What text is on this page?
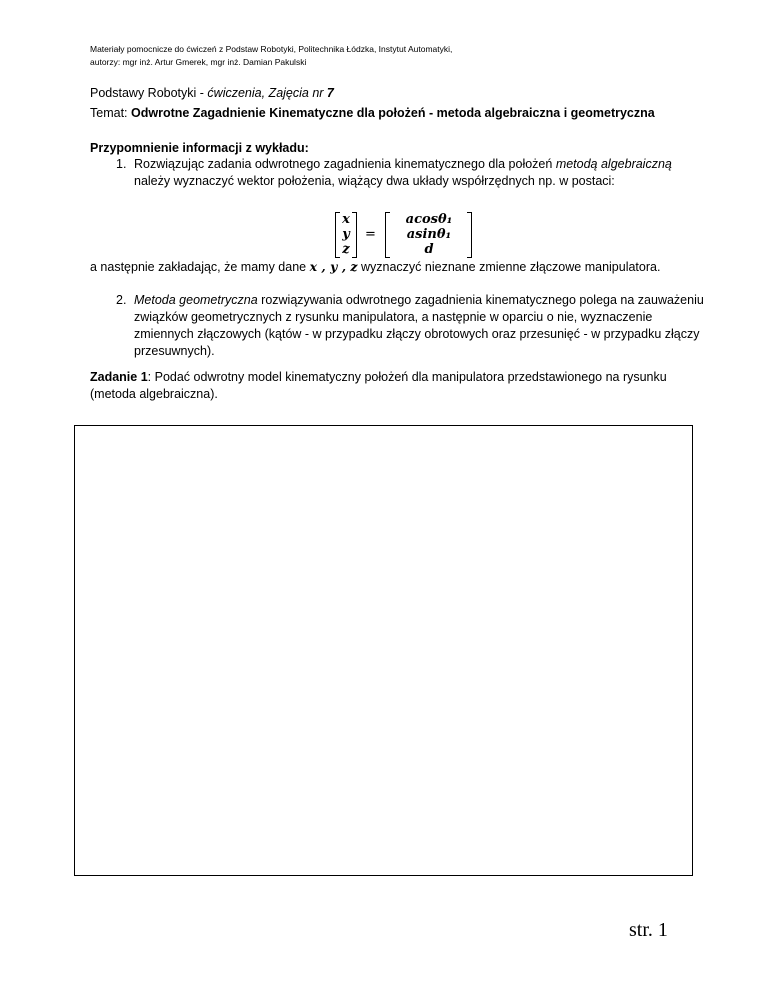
Materiały pomocnicze do ćwiczeń z Podstaw Robotyki, Politechnika Łódzka, Instytut Automatyki,
autorzy: mgr inż. Artur Gmerek, mgr inż. Damian Pakulski
Podstawy Robotyki - ćwiczenia, Zajęcia nr 7
Temat: Odwrotne Zagadnienie Kinematyczne dla położeń - metoda algebraiczna i geometryczna
Przypomnienie informacji z wykładu:
1. Rozwiązując zadania odwrotnego zagadnienia kinematycznego dla położeń metodą algebraiczną należy wyznaczyć wektor położenia, wiążący dwa układy współrzędnych np. w postaci:
x
y
z
=
acosθ₁
asinθ₁
d
a następnie zakładając, że mamy dane x , y , z wyznaczyć nieznane zmienne złączowe manipulatora.
2. Metoda geometryczna rozwiązywania odwrotnego zagadnienia kinematycznego polega na zauważeniu związków geometrycznych z rysunku manipulatora, a następnie w oparciu o nie, wyznaczenie zmiennych złączowych (kątów - w przypadku złączy obrotowych oraz przesunięć - w przypadku złączy przesuwnych).
Zadanie 1: Podać odwrotny model kinematyczny położeń dla manipulatora przedstawionego na rysunku (metoda algebraiczna).
str. 1
